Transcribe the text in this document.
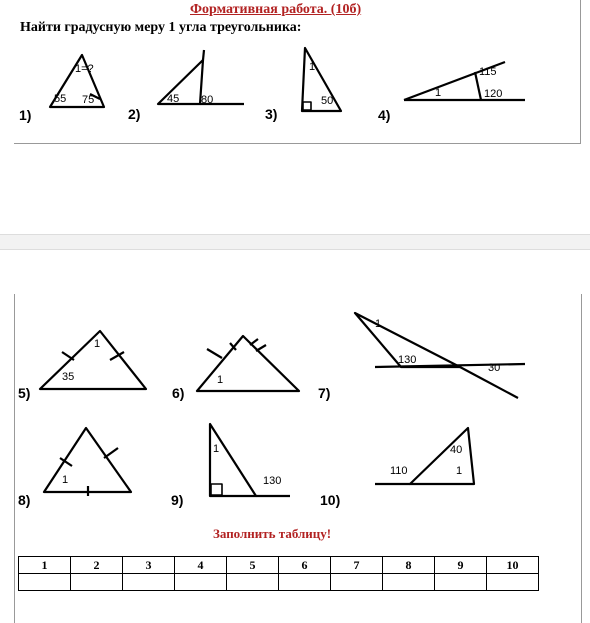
Формативная работа. (10б)
Найти градусную меру 1 угла треугольника:
55 75
1=?
45 80
1
50
115
1	120
1
35	1
1
130
30
1
1
130
40
110	1
1)	2)	3)	4)
5)	6)	7)
8)	9)	10)
Заполнить таблицу!
1	2	3	4	5	6	7	8	9	10
